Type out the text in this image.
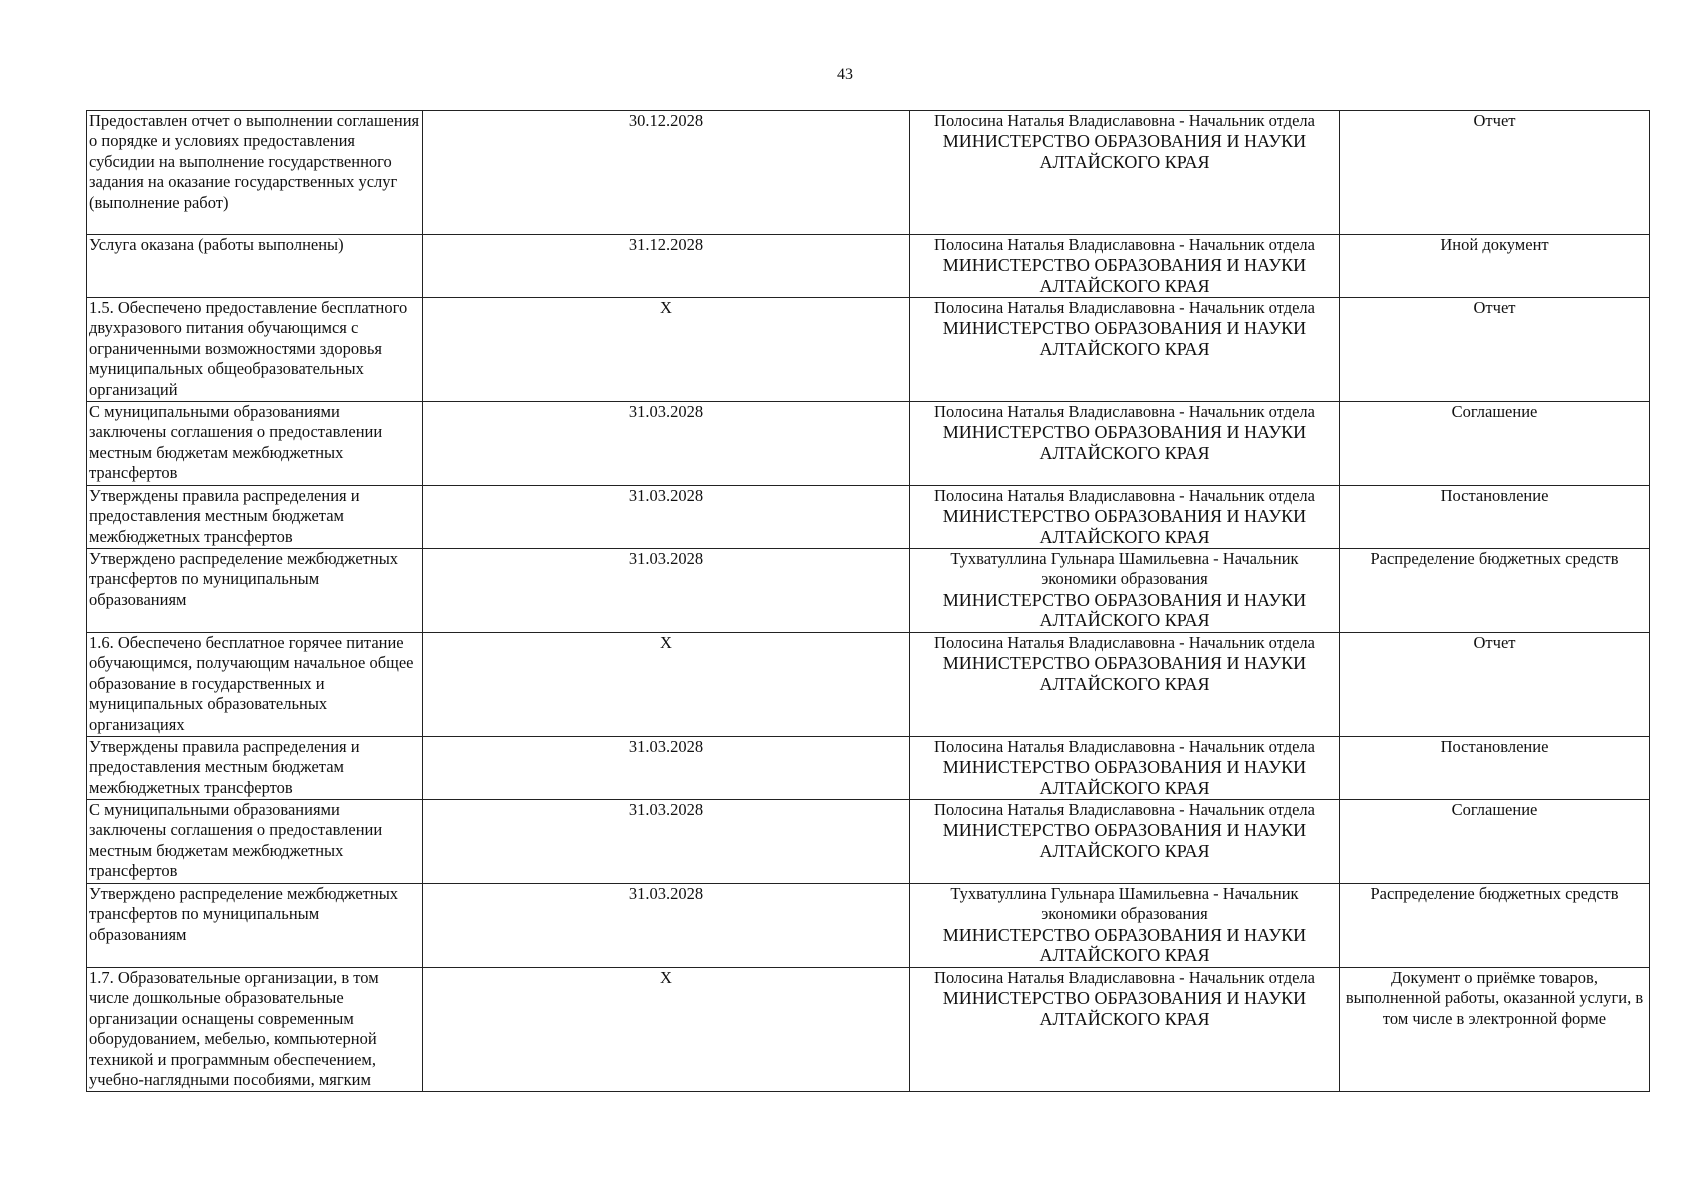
43
Предоставлен отчет о выполнении соглашения о порядке и условиях предоставления субсидии на выполнение государственного задания на оказание государственных услуг (выполнение работ)	30.12.2028	Полосина Наталья Владиславовна - Начальник отдела
МИНИСТЕРСТВО ОБРАЗОВАНИЯ И НАУКИ АЛТАЙСКОГО КРАЯ	Отчет
Услуга оказана (работы выполнены)	31.12.2028	Полосина Наталья Владиславовна - Начальник отдела
МИНИСТЕРСТВО ОБРАЗОВАНИЯ И НАУКИ АЛТАЙСКОГО КРАЯ	Иной документ
1.5. Обеспечено предоставление бесплатного двухразового питания обучающимся с ограниченными возможностями здоровья муниципальных общеобразовательных организаций	X	Полосина Наталья Владиславовна - Начальник отдела
МИНИСТЕРСТВО ОБРАЗОВАНИЯ И НАУКИ АЛТАЙСКОГО КРАЯ	Отчет
С муниципальными образованиями заключены соглашения о предоставлении местным бюджетам межбюджетных трансфертов	31.03.2028	Полосина Наталья Владиславовна - Начальник отдела
МИНИСТЕРСТВО ОБРАЗОВАНИЯ И НАУКИ АЛТАЙСКОГО КРАЯ	Соглашение
Утверждены правила распределения и предоставления местным бюджетам межбюджетных трансфертов	31.03.2028	Полосина Наталья Владиславовна - Начальник отдела
МИНИСТЕРСТВО ОБРАЗОВАНИЯ И НАУКИ АЛТАЙСКОГО КРАЯ	Постановление
Утверждено распределение межбюджетных трансфертов по муниципальным образованиям	31.03.2028	Тухватуллина Гульнара Шамильевна - Начальник экономики образования
МИНИСТЕРСТВО ОБРАЗОВАНИЯ И НАУКИ АЛТАЙСКОГО КРАЯ	Распределение бюджетных средств
1.6. Обеспечено бесплатное горячее питание обучающимся, получающим начальное общее образование в государственных и муниципальных образовательных организациях	X	Полосина Наталья Владиславовна - Начальник отдела
МИНИСТЕРСТВО ОБРАЗОВАНИЯ И НАУКИ АЛТАЙСКОГО КРАЯ	Отчет
Утверждены правила распределения и предоставления местным бюджетам межбюджетных трансфертов	31.03.2028	Полосина Наталья Владиславовна - Начальник отдела
МИНИСТЕРСТВО ОБРАЗОВАНИЯ И НАУКИ АЛТАЙСКОГО КРАЯ	Постановление
С муниципальными образованиями заключены соглашения о предоставлении местным бюджетам межбюджетных трансфертов	31.03.2028	Полосина Наталья Владиславовна - Начальник отдела
МИНИСТЕРСТВО ОБРАЗОВАНИЯ И НАУКИ АЛТАЙСКОГО КРАЯ	Соглашение
Утверждено распределение межбюджетных трансфертов по муниципальным образованиям	31.03.2028	Тухватуллина Гульнара Шамильевна - Начальник экономики образования
МИНИСТЕРСТВО ОБРАЗОВАНИЯ И НАУКИ АЛТАЙСКОГО КРАЯ	Распределение бюджетных средств
1.7. Образовательные организации, в том числе дошкольные образовательные организации оснащены современным оборудованием, мебелью, компьютерной техникой и программным обеспечением, учебно-наглядными пособиями, мягким	X	Полосина Наталья Владиславовна - Начальник отдела
МИНИСТЕРСТВО ОБРАЗОВАНИЯ И НАУКИ АЛТАЙСКОГО КРАЯ	Документ о приёмке товаров, выполненной работы, оказанной услуги, в том числе в электронной форме
